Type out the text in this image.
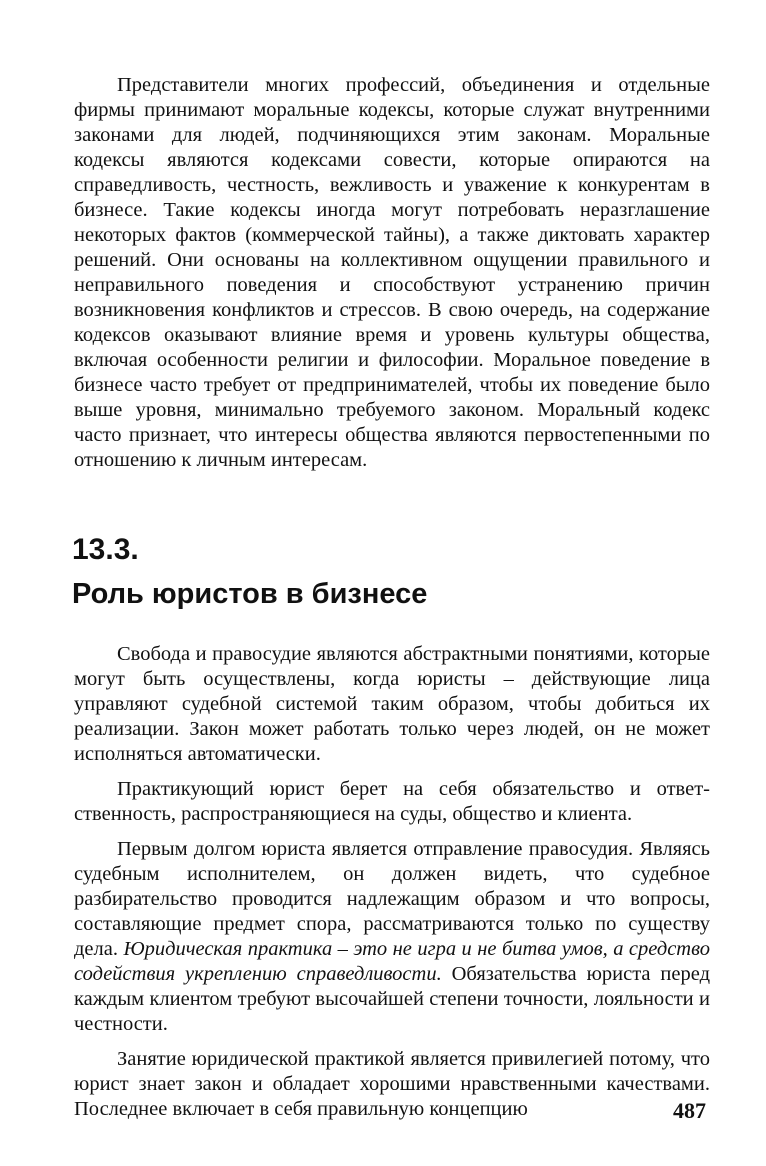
Представители многих профессий, объединения и отдельные фирмы принимают моральные кодексы, которые служат внутренними законами для людей, подчиняющихся этим законам. Моральные кодексы являются кодексами совести, которые опираются на справедливость, честность, вежливость и уважение к конкурентам в бизнесе. Такие кодексы иногда могут потребовать неразглашение некоторых фактов (коммерческой тайны), а также диктовать характер решений. Они основаны на коллективном ощущении правильного и неправильного поведения и способствуют устранению причин возникновения конфликтов и стрессов. В свою очередь, на содержание кодексов оказывают влияние время и уровень культуры общества, включая особенности религии и философии. Моральное поведение в бизнесе часто требует от предпринимателей, чтобы их поведение было выше уровня, минимально требуемого законом. Моральный кодекс часто признает, что интересы общества являются первостепенными по отношению к личным интересам.

13.3.
Роль юристов в бизнесе

Свобода и правосудие являются абстрактными понятиями, которые могут быть осуществлены, когда юристы – действующие лица управляют судебной системой таким образом, чтобы добиться их реализации. Закон может работать только через людей, он не может исполняться автоматически.

Практикующий юрист берет на себя обязательство и ответственность, распространяющиеся на суды, общество и клиента.

Первым долгом юриста является отправление правосудия. Являясь судебным исполнителем, он должен видеть, что судебное разбирательство проводится надлежащим образом и что вопросы, составляющие предмет спора, рассматриваются только по существу дела. Юридическая практика – это не игра и не битва умов, а средство содействия укреплению справедливости. Обязательства юриста перед каждым клиентом требуют высочайшей степени точности, лояльности и честности.

Занятие юридической практикой является привилегией потому, что юрист знает закон и обладает хорошими нравственными качествами. Последнее включает в себя правильную концепцию	487
